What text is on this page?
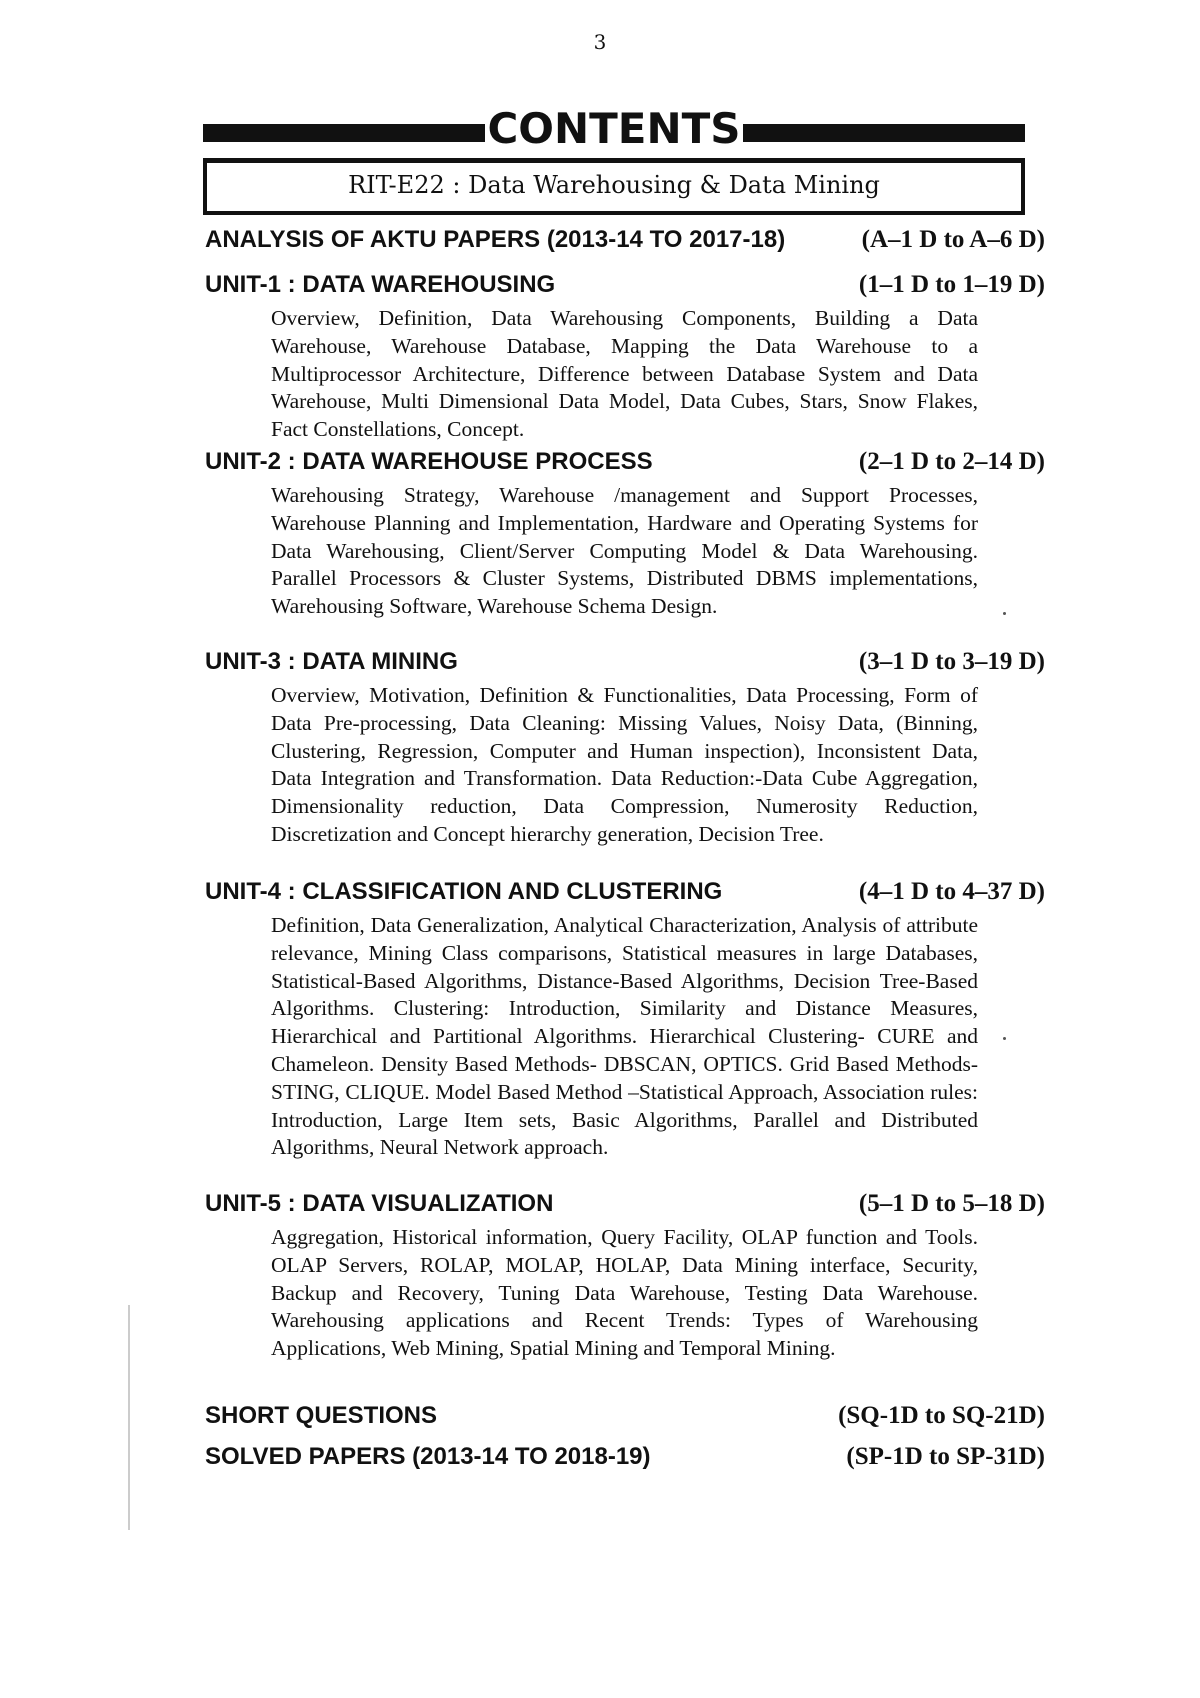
3
CONTENTS
RIT-E22 : Data Warehousing & Data Mining
ANALYSIS OF AKTU PAPERS (2013-14 TO 2017-18)	(A–1 D to A–6 D)
UNIT-1 : DATA WAREHOUSING	(1–1 D to 1–19 D)
Overview, Definition, Data Warehousing Components, Building a Data Warehouse, Warehouse Database, Mapping the Data Warehouse to a Multiprocessor Architecture, Difference between Database System and Data Warehouse, Multi Dimensional Data Model, Data Cubes, Stars, Snow Flakes, Fact Constellations, Concept.
UNIT-2 : DATA WAREHOUSE PROCESS	(2–1 D to 2–14 D)
Warehousing Strategy, Warehouse /management and Support Processes, Warehouse Planning and Implementation, Hardware and Operating Systems for Data Warehousing, Client/Server Computing Model & Data Warehousing. Parallel Processors & Cluster Systems, Distributed DBMS implementations, Warehousing Software, Warehouse Schema Design.
UNIT-3 : DATA MINING	(3–1 D to 3–19 D)
Overview, Motivation, Definition & Functionalities, Data Processing, Form of Data Pre-processing, Data Cleaning: Missing Values, Noisy Data, (Binning, Clustering, Regression, Computer and Human inspection), Inconsistent Data, Data Integration and Transformation. Data Reduction:-Data Cube Aggregation, Dimensionality reduction, Data Compression, Numerosity Reduction, Discretization and Concept hierarchy generation, Decision Tree.
UNIT-4 : CLASSIFICATION AND CLUSTERING	(4–1 D to 4–37 D)
Definition, Data Generalization, Analytical Characterization, Analysis of attribute relevance, Mining Class comparisons, Statistical measures in large Databases, Statistical-Based Algorithms, Distance-Based Algorithms, Decision Tree-Based Algorithms. Clustering: Introduction, Similarity and Distance Measures, Hierarchical and Partitional Algorithms. Hierarchical Clustering- CURE and Chameleon. Density Based Methods- DBSCAN, OPTICS. Grid Based Methods- STING, CLIQUE. Model Based Method –Statistical Approach, Association rules: Introduction, Large Item sets, Basic Algorithms, Parallel and Distributed Algorithms, Neural Network approach.
UNIT-5 : DATA VISUALIZATION	(5–1 D to 5–18 D)
Aggregation, Historical information, Query Facility, OLAP function and Tools. OLAP Servers, ROLAP, MOLAP, HOLAP, Data Mining interface, Security, Backup and Recovery, Tuning Data Warehouse, Testing Data Warehouse. Warehousing applications and Recent Trends: Types of Warehousing Applications, Web Mining, Spatial Mining and Temporal Mining.
SHORT QUESTIONS	(SQ-1D to SQ-21D)
SOLVED PAPERS (2013-14 TO 2018-19)	(SP-1D to SP-31D)
